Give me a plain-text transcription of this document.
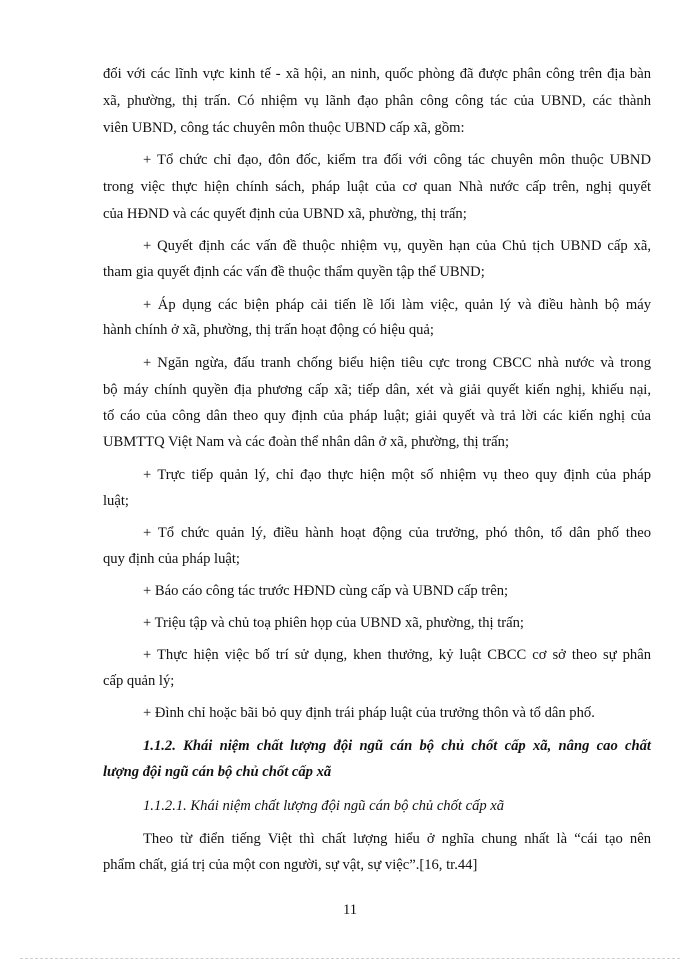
đối với các lĩnh vực kinh tế - xã hội, an ninh, quốc phòng đã được phân công trên địa bàn
xã, phường, thị trấn. Có nhiệm vụ lãnh đạo phân công công tác của UBND, các thành
viên UBND, công tác chuyên môn thuộc UBND cấp xã, gồm:
+ Tổ chức chỉ đạo, đôn đốc, kiểm tra đối với công tác chuyên môn thuộc UBND
trong việc thực hiện chính sách, pháp luật của cơ quan Nhà nước cấp trên, nghị quyết
của HĐND và các quyết định của UBND xã, phường, thị trấn;
+ Quyết định các vấn đề thuộc nhiệm vụ, quyền hạn của Chủ tịch UBND cấp xã,
tham gia quyết định các vấn đề thuộc thẩm quyền tập thể UBND;
+ Áp dụng các biện pháp cải tiến lề lối làm việc, quản lý và điều hành bộ máy
hành chính ở xã, phường, thị trấn hoạt động có hiệu quả;
+ Ngăn ngừa, đấu tranh chống biểu hiện tiêu cực trong CBCC nhà nước và trong
bộ máy chính quyền địa phương cấp xã; tiếp dân, xét và giải quyết kiến nghị, khiếu nại,
tố cáo của công dân theo quy định của pháp luật; giải quyết và trả lời các kiến nghị của
UBMTTQ Việt Nam và các đoàn thể nhân dân ở xã, phường, thị trấn;
+ Trực tiếp quản lý, chỉ đạo thực hiện một số nhiệm vụ theo quy định của pháp
luật;
+ Tổ chức quản lý, điều hành hoạt động của trưởng, phó thôn, tổ dân phố theo
quy định của pháp luật;
+ Báo cáo công tác trước HĐND cùng cấp và UBND cấp trên;
+ Triệu tập và chủ toạ phiên họp của UBND xã, phường, thị trấn;
+ Thực hiện việc bố trí sử dụng, khen thưởng, kỷ luật CBCC cơ sở theo sự phân
cấp quản lý;
+ Đình chỉ hoặc bãi bỏ quy định trái pháp luật của trưởng thôn và tổ dân phố.
1.1.2. Khái niệm chất lượng đội ngũ cán bộ chủ chốt cấp xã, nâng cao chất
lượng đội ngũ cán bộ chủ chốt cấp xã
1.1.2.1. Khái niệm chất lượng đội ngũ cán bộ chủ chốt cấp xã
Theo từ điển tiếng Việt thì chất lượng hiểu ở nghĩa chung nhất là “cái tạo nên
phẩm chất, giá trị của một con người, sự vật, sự việc”.[16, tr.44]
11
